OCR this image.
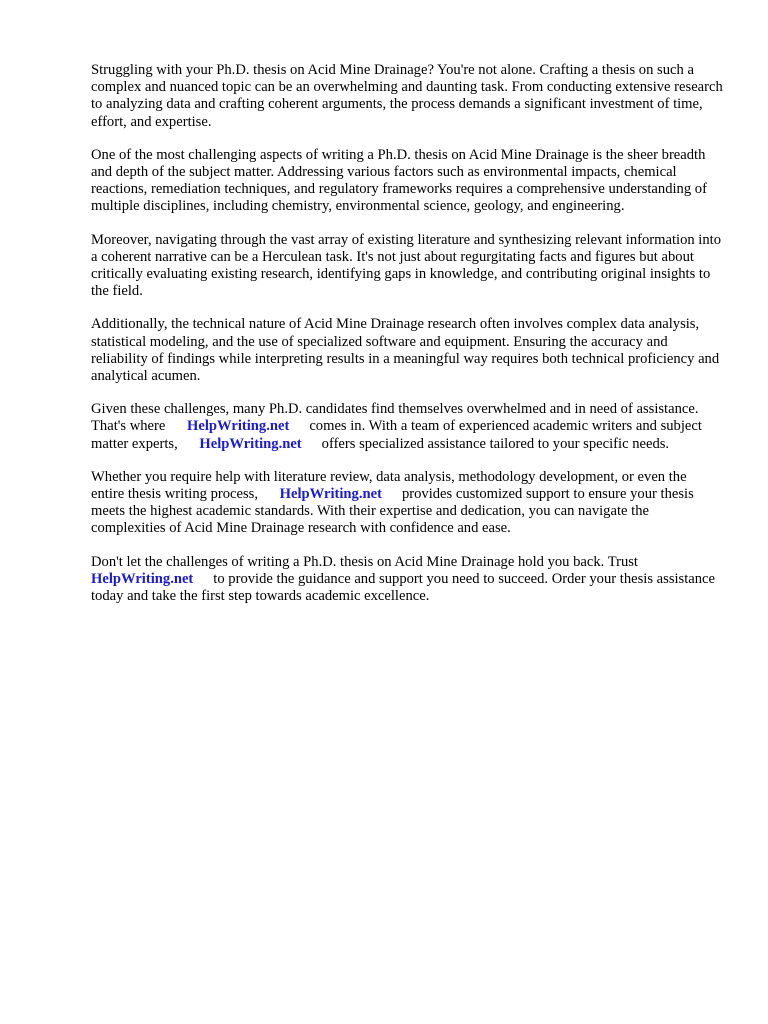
Struggling with your Ph.D. thesis on Acid Mine Drainage? You're not alone. Crafting a thesis on such a complex and nuanced topic can be an overwhelming and daunting task. From conducting extensive research to analyzing data and crafting coherent arguments, the process demands a significant investment of time, effort, and expertise.

One of the most challenging aspects of writing a Ph.D. thesis on Acid Mine Drainage is the sheer breadth and depth of the subject matter. Addressing various factors such as environmental impacts, chemical reactions, remediation techniques, and regulatory frameworks requires a comprehensive understanding of multiple disciplines, including chemistry, environmental science, geology, and engineering.

Moreover, navigating through the vast array of existing literature and synthesizing relevant information into a coherent narrative can be a Herculean task. It's not just about regurgitating facts and figures but about critically evaluating existing research, identifying gaps in knowledge, and contributing original insights to the field.

Additionally, the technical nature of Acid Mine Drainage research often involves complex data analysis, statistical modeling, and the use of specialized software and equipment. Ensuring the accuracy and reliability of findings while interpreting results in a meaningful way requires both technical proficiency and analytical acumen.

Given these challenges, many Ph.D. candidates find themselves overwhelmed and in need of assistance. That's where HelpWriting.net comes in. With a team of experienced academic writers and subject matter experts, HelpWriting.net offers specialized assistance tailored to your specific needs.

Whether you require help with literature review, data analysis, methodology development, or even the entire thesis writing process, HelpWriting.net provides customized support to ensure your thesis meets the highest academic standards. With their expertise and dedication, you can navigate the complexities of Acid Mine Drainage research with confidence and ease.

Don't let the challenges of writing a Ph.D. thesis on Acid Mine Drainage hold you back. Trust HelpWriting.net to provide the guidance and support you need to succeed. Order your thesis assistance today and take the first step towards academic excellence.
